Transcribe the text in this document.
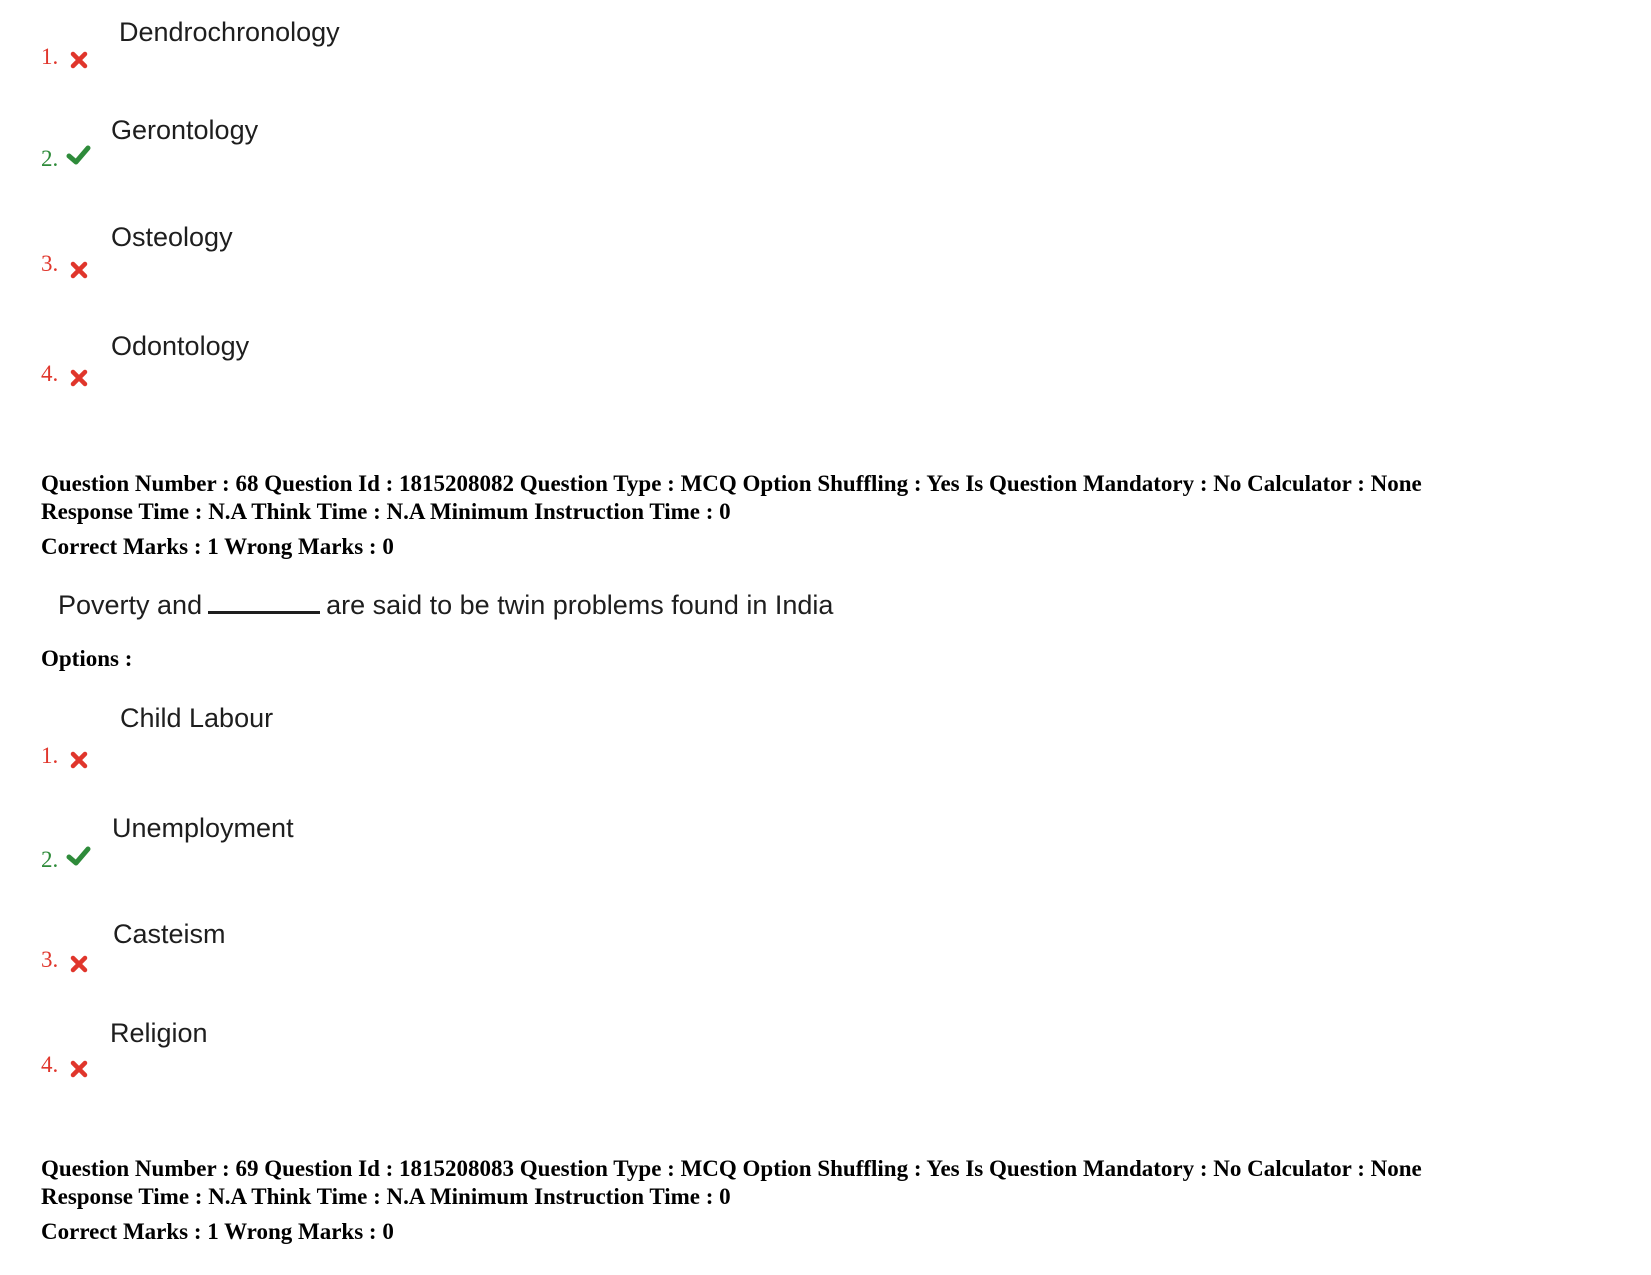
Dendrochronology
1.
Gerontology
2.
Osteology
3.
Odontology
4.
Question Number : 68 Question Id : 1815208082 Question Type : MCQ Option Shuffling : Yes Is Question Mandatory : No Calculator : None
Response Time : N.A Think Time : N.A Minimum Instruction Time : 0
Correct Marks : 1 Wrong Marks : 0
Poverty and	are said to be twin problems found in India
Options :
Child Labour
1.
Unemployment
2.
Casteism
3.
Religion
4.
Question Number : 69 Question Id : 1815208083 Question Type : MCQ Option Shuffling : Yes Is Question Mandatory : No Calculator : None
Response Time : N.A Think Time : N.A Minimum Instruction Time : 0
Correct Marks : 1 Wrong Marks : 0
